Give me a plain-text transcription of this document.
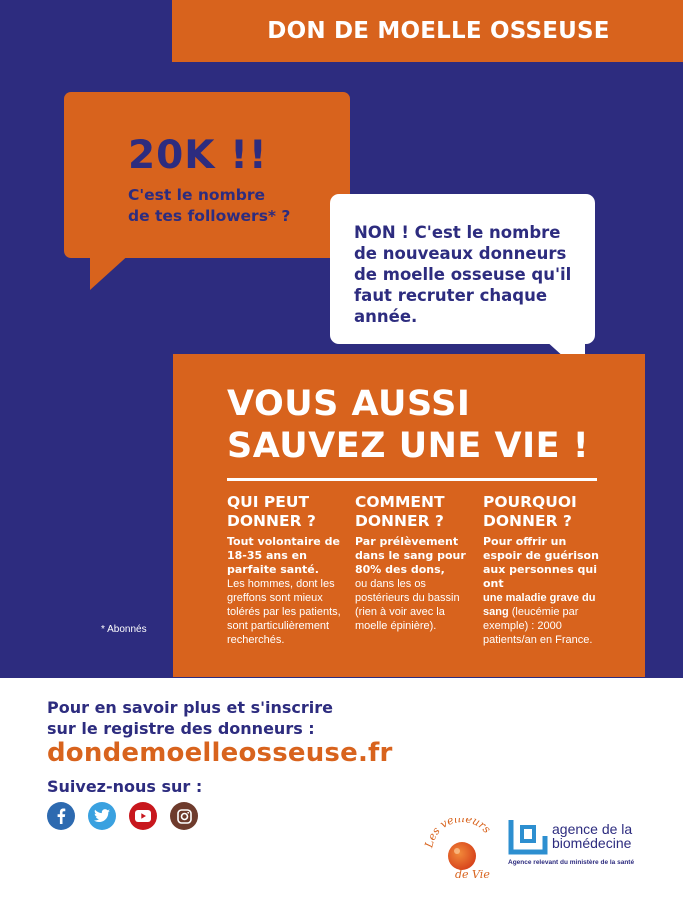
DON DE MOELLE OSSEUSE
20K !!
C'est le nombre
de tes followers* ?
NON ! C'est le nombre
de nouveaux donneurs
de moelle osseuse qu'il
faut recruter chaque
année.
VOUS AUSSI
SAUVEZ UNE VIE !
QUI PEUT
DONNER ?
Tout volontaire de 18-35 ans en parfaite santé.
Les hommes, dont les greffons sont mieux tolérés par les patients, sont particulièrement recherchés.
COMMENT
DONNER ?
Par prélèvement dans le sang pour 80% des dons,
ou dans les os postérieurs du bassin (rien à voir avec la moelle épinière).
POURQUOI
DONNER ?
Pour offrir un espoir de guérison aux personnes qui ont
une maladie grave du sang (leucémie par exemple) : 2000 patients/an en France.
* Abonnés
Pour en savoir plus et s'inscrire
sur le registre des donneurs :
dondemoelleosseuse.fr
Suivez-nous sur :
Les veilleurs
de Vie
agence de la
biomédecine
Agence relevant du ministère de la santé
